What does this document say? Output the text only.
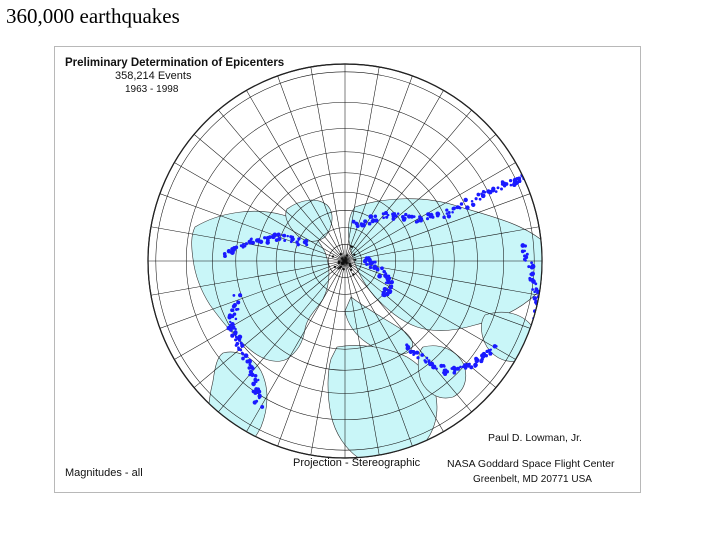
360,000 earthquakes
Preliminary Determination of Epicenters
358,214 Events
1963 - 1998
Magnitudes - all
Projection - Stereographic
Paul D. Lowman, Jr.
NASA Goddard Space Flight Center
Greenbelt, MD 20771 USA
